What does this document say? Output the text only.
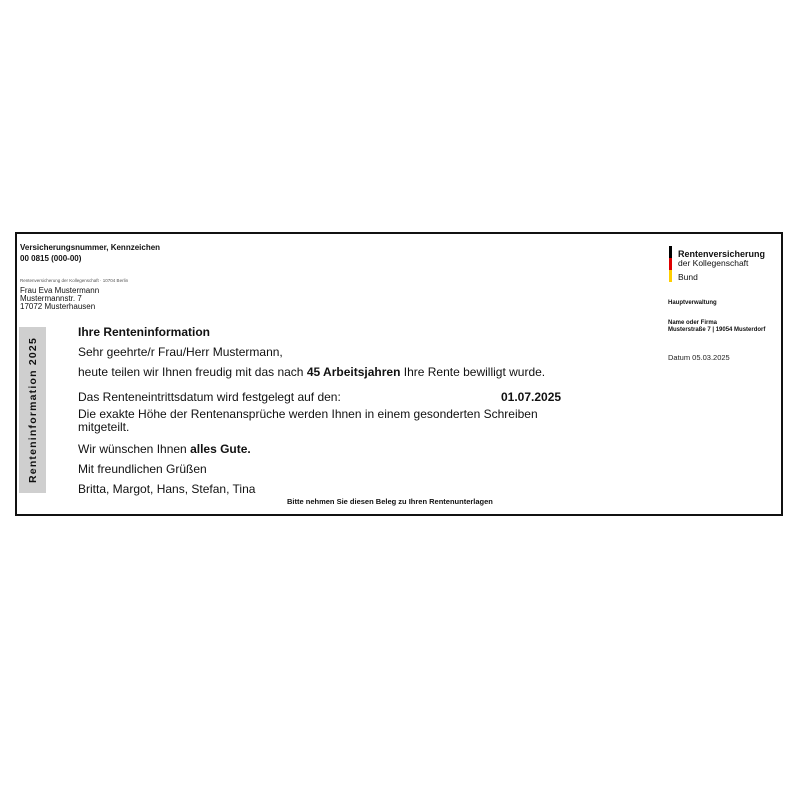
Versicherungsnummer, Kennzeichen
00 0815 (000-00)
Rentenversicherung der Kollegenschaft · 10704 Berlin
Frau Eva Mustermann
Mustermannstr. 7
17072 Musterhausen
Renteninformation 2025
Ihre Renteninformation
Sehr geehrte/r Frau/Herr Mustermann,
heute teilen wir Ihnen freudig mit das nach 45 Arbeitsjahren Ihre Rente bewilligt wurde.
Das Renteneintrittsdatum wird festgelegt auf den:	01.07.2025
Die exakte Höhe der Rentenansprüche werden Ihnen in einem gesonderten Schreiben mitgeteilt.
Wir wünschen Ihnen alles Gute.
Mit freundlichen Grüßen
Britta, Margot, Hans, Stefan, Tina
Bitte nehmen Sie diesen Beleg zu Ihren Rentenunterlagen
Rentenversicherung
der Kollegenschaft
Bund
Hauptverwaltung
Name oder Firma
Musterstraße 7 | 19054 Musterdorf
Datum 05.03.2025
